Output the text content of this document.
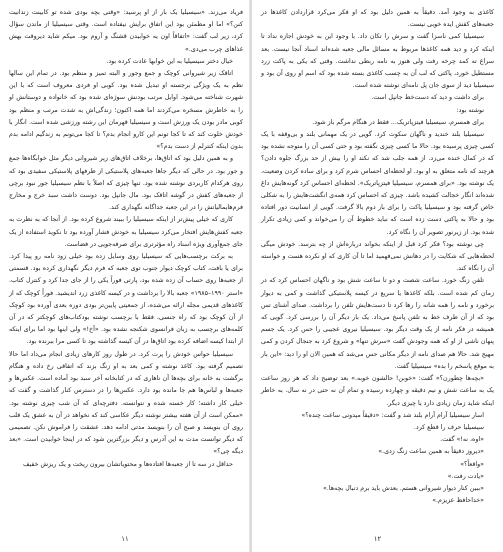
فریاد می‌زند. «سیسیلیا یک بار از او پرسید: «وقتی بچه بودی شده تو کابینت زندانیت کنن؟» اما او مطمئن بود این اتفاق برایش نیفتاده است. وقتی سیسیلیا از ماندن سؤال کرد، زیر لب گفت: «اتفاقاً اون یه خوابیدن قشنگ و آروم بود. میکم شاید دیروقت بهش غذاهای چرب می‌دی.»

خیال دختر سیسیلیا به این خوابها عادت کرده بود.

اتاقک زیر شیروانی کوچک و جمع وجور و البته تمیز و منظم بود. در تمام این سالها نظم به یک ویژگی برجسته او تبدیل شده بود. کوبی او فردی معروف است که با این شهرت شناخته می‌شود. اوایل مرتب بودنش سوژه‌ای شده بود که خانواده و دوستانش او را به خاطرش مسخره می‌کردند اما همه اکنون؛ زندگی‌اش به شدت مرتب و منظم بود کوبی مادر بودن یک ورزش است و سیسیلیا قهرمان این رشته ورزشی شده است. انگار با خودش خلوت کند که تا کجا تونم این کارو انجام بدم؟ تا کجا می‌تونم به زندگیم ادامه بدم بدون اینکه کنترلم از دست بدم؟»

و به همین دلیل بود که اتاق‌ها، برخلاف اتاق‌های زیر شیروانی دیگر مثل خوابگاه‌ها جمع و جور بود. در حالی که دیگر جاها جعبه‌های پلاستیکی از ظرفهای پلاستیکی سفیدی بود که روی هرکدام کاربردی نوشته شده بود. تنها چیزی که اصلاً با نظم سیسیلیا جور نبود برچی از جعبه‌های کفش در گوشه اتاقک بود. مال جانپل بود. دوست داشت سبد خرج و مخارج فرم‌هایمالیاتش را در این جعبه جداگانه نگهداری کند.

کاری که خیلی پیش‌تر از اینکه سیسیلیا را ببیند شروع کرده بود. از آنجا که به نظرت به جعبه کفش‌هایش افتخار می‌کرد سیسیلیا به خودش فشار آورده بود تا نکوید استفاده از یک جای جمع‌آوری ویژه اسناد راه مؤثرتری برای صرفه‌جویی در فضاست.

به برکت برچسب‌هایی که سیسیلیا روی وسایل زده بود خیلی زود نامه رو پیدا کرد. برای یا بافت، کتاب کوچک دیوار جنوب توی جعبه که فرم دیگر نگهداری کرده بود. قسمتی از جعبه‌ها روی حساب آن زده شده بود، پارتی فوراً یکی را از جای جدا کرد و کنترل کتاب. «استر ۱۹۹۰–۱۹۸۵» جعبه بالا را برداشت و در کیسه کاغذی زرد اندیشید. فوراً کوچک که از کاغذهای قدیمی مجله ارائه می‌شده، از جمعیتی پایین‌تر بودی دوره بعدی آورده بود کوچک از آن کوچک بود که راه جنسی، فقط با برچسب نوشته بودکتاب‌های کوچکتر که در آن کلمه‌های برچسب به زبان فرانسوی شکنجه نشده بود. «آخ!» ولی اینها بود اما برای اینکه از ابتدا کیسه اضافه کرده بود اتاق‌ها در آن کیسه گذاشته بود تا کسی مرا ببرنده بود.

سیسیلیا حواس خودش را پرت کرد. در طول روز کارهای زیادی انجام می‌داد اما حالا تصمیم گرفته بود. کاغذ نوشته و کمی بعد به او زنگ بزند که اتفاقی رخ داده و هنگام برگشت به خانه برای بچه‌ها آن ناهاری که در کتابخانه آخر سبد بود آماده است. عکس‌ها و جعبه‌ها و لباس‌ها هم جا مانده بود دارد. عکس‌ها را در دسترس کنار گذاشت و گفت که خیلی کار داشته؛ کار خسته شده و نتوانسته. دفترچه‌ای که آن شب چیزی نوشته بود. «ممکن است از آن هفته بیشتر نوشته دیگر عکاسی کند که نخواهد در آن به عشق یک قلب روی آن بنویسد و صبح آن را بنویسد مدتی ادامه دهد. عشقت را فراموش نکن. تصمیمی که دیگر توانست مدت به این آدرس و دیگر بزرگترین شود که در اینجا خوابیدن است. «بعد دیگه چی؟»

حداقل در سه تا از جعبه‌ها افتاده‌ها و محتویاتشان بیرون ریخت و یک ریزش خفیف

۱۱

کاغذی به وجود آمد. دقیقاً به همین دلیل بود که او فکر می‌کرد قراردادن کاغذها در جعبه‌های کفش ایده خوبی نیست.

سیسیلیا کمی ناسزا گفت و سرش را تکان داد. با وجود این به خودش اجازه نداد تا اینکه کرد و دید همه کاغذها مربوط به مسائل مالی جعبه شده‌اند اسناد آنجا نیست. بعد سراغ ته کمد چرخه رفت ولی هنوز به نامه ربطی نداشت. وقتی که یکی به پاکت زرد مستطیل خورد، پاکتی که لب آن به چسب کاغذی بسته شده بود که اسم او روی آن بود و سیسیلیا دید از سوی جان پل نامه‌ای نوشته شده است.

برای داشت و دید که دست‌خط جانپل است.

نوشته بود:

برای همسرم، سیسیلیا فیتزپاتریک... فقط در هنگام مرگم باز شود.

سیسیلیا بلند خندید و ناگهان سکوت کرد. گویی در یک مهمانی بلند و بی‌وقفه با یک کسی چیزی پرسیده بود. حالا ما کسی چیزی نگفته بود و حتی کسی آن را متوجه نشده بود که در کمال خنده می‌زد. از همه جلب شد که نکند او را بیش از حد بزرگ جلوه دادن؟ هرچند که نامه متعلق به او بود. او لحظه‌ای احساس شرم کرد و برای ساده کردن وضعیت، یک نوشته بود. «برای همسرم، سیسیلیا فیتزپاتریک». لحظه‌ای احساس کرد گونه‌هایش داغ شده‌اند انگار خجالت کشیده باشد. چیزی که احساس کرد همه‌ی انگشت‌هایش را به شکلی خاص گرفته بود و سیسیلیا پاکت را برای بار دوم بالا گرفت. گویی از انسانیت دور افتاده بود و حالا به پاکتی دست زده است که نباید خطوط آن را می‌خواند و کمی زیادی تکرار شده بود. از زیرنور تصویر آن را نگاه کرد.

چی نوشته بود؟ فکر کرد قبل از اینکه بخواند درباره‌اش از چه بترسد. خودش میگی لحظه‌هایی که شکایت را در دهانش نمی‌فهمید اما تا آن کاری که او نکرده هست و خواسته آن را نگاه کند.

تلفن زنگ خورد. ساعت شصت و دو تا ساعت شش بود و ناگهان احساس کرد که در زمان کم شده است. بلکه کاغذها یا سریع در کیسه پلاستیکی گذاشت و کمی به دیوار برخورد و نامه را همه شانه را رها کرد تا دست‌هایش تلفن را برداشت. صدای آشنای تس بود که از آن طرف خط به تلفن پاسخ می‌داد. یک بار دیگر آن را بررسی کرد. گویی که همیشه در فکر نامه از یک وقت دیگر بود. سیسیلیا نیروی عجیبی را حس کرد. یک جسم پنهان ناشی از او که همه وجودش گفت «سرش تنها» و شروع کرد به جنجال کردن و کمی مهیج شد. حالا هم صدای نامه از دیگر مکانی حس می‌شد که همین الان او را دید: «این بار به موقع پاسخم را بده» سیسیلیا گفت.

«بچه‌ها چطورن؟» گفت: «خوبن! حالشون خوبه.» بعد توضیح داد که هر روز ساعت یک به ساعت شش و نیم دقیقه و چهارده رسیده و تمام آن نه حتی در نه سال. به خاطر اینکه شاید زمان زیادی دارد یا چیزی دیگر.

اسار سیسیلیا آرام آرام بلند شد و گفت: «دقیقاً میدونی ساعت چنده؟»

سیسیلیا حرف را قطع کرد.

«اوه، نه!» گفت.

«دیروز دقیقاً به همین ساعت زنگ زدی.»

«واقعاً؟»

«یادت رفت.»

«ببین کنار دیوار شیروانی هستم. بعدش باید برم دنبال بچه‌ها.»

«خداحافظ عزیزم.»

۱۲
